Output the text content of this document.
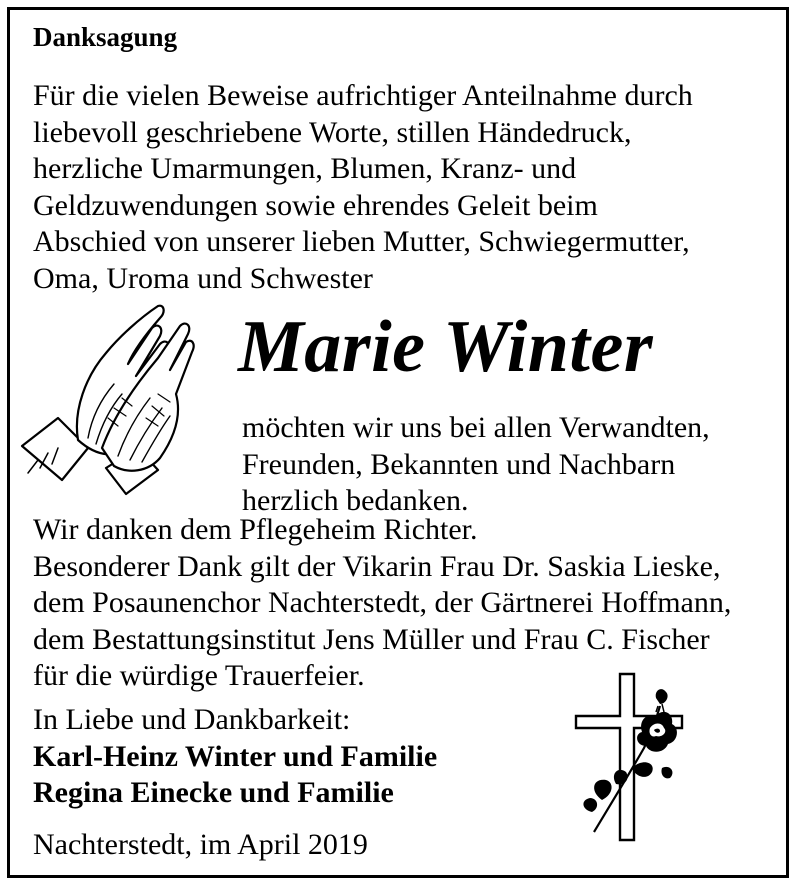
Danksagung
Für die vielen Beweise aufrichtiger Anteilnahme durch
liebevoll geschriebene Worte, stillen Händedruck,
herzliche Umarmungen, Blumen, Kranz- und
Geldzuwendungen sowie ehrendes Geleit beim
Abschied von unserer lieben Mutter, Schwiegermutter,
Oma, Uroma und Schwester
Marie Winter
möchten wir uns bei allen Verwandten,
Freunden, Bekannten und Nachbarn
herzlich bedanken.
Wir danken dem Pflegeheim Richter.
Besonderer Dank gilt der Vikarin Frau Dr. Saskia Lieske,
dem Posaunenchor Nachterstedt, der Gärtnerei Hoffmann,
dem Bestattungsinstitut Jens Müller und Frau C. Fischer
für die würdige Trauerfeier.
In Liebe und Dankbarkeit:
Karl-Heinz Winter und Familie
Regina Einecke und Familie
Nachterstedt, im April 2019
